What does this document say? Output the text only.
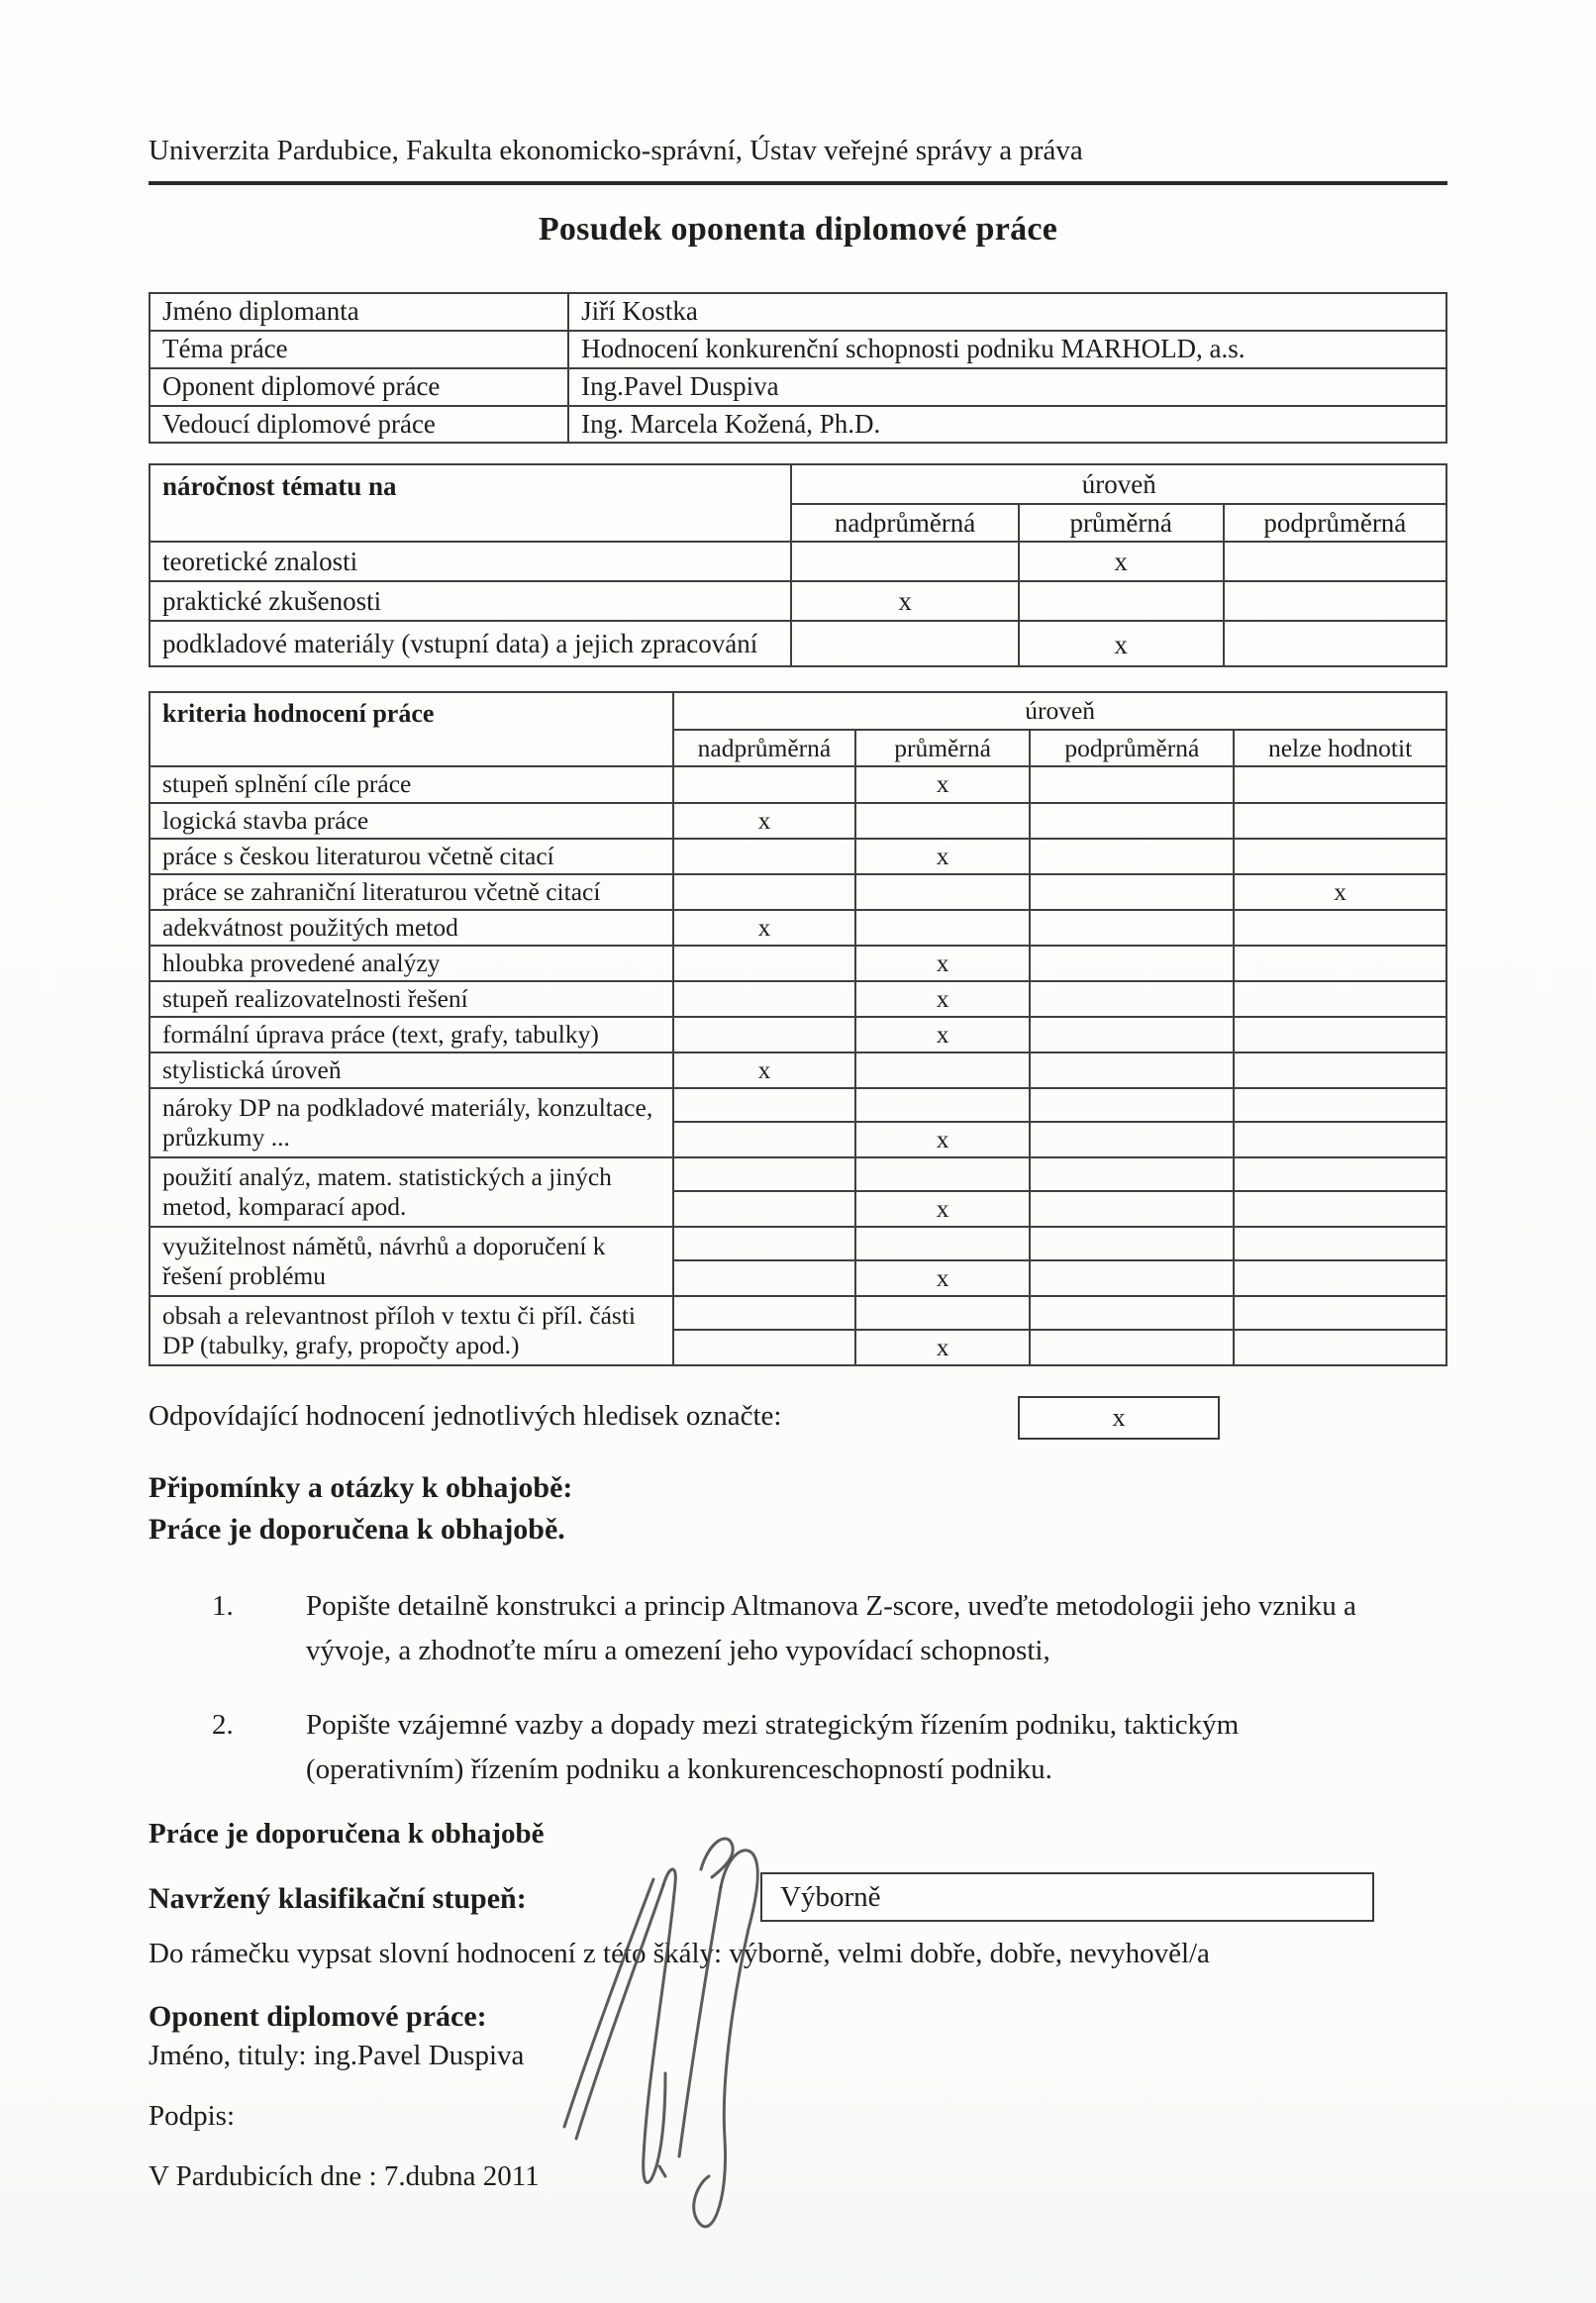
Univerzita Pardubice, Fakulta ekonomicko-správní, Ústav veřejné správy a práva
Posudek oponenta diplomové práce
Jméno diplomanta	Jiří Kostka
Téma práce	Hodnocení konkurenční schopnosti podniku MARHOLD, a.s.
Oponent diplomové práce	Ing.Pavel Duspiva
Vedoucí diplomové práce	Ing. Marcela Kožená, Ph.D.
náročnost tématu na	úroveň		
	nadprůměrná	průměrná	podprůměrná
teoretické znalosti		x	
praktické zkušenosti	x		
podkladové materiály (vstupní data) a jejich zpracování		x	
kriteria hodnocení práce	úroveň			
	nadprůměrná	průměrná	podprůměrná	nelze hodnotit
stupeň splnění cíle práce		x		
logická stavba práce	x			
práce s českou literaturou včetně citací		x		
práce se zahraniční literaturou včetně citací				x
adekvátnost použitých metod	x			
hloubka provedené analýzy		x		
stupeň realizovatelnosti řešení		x		
formální úprava práce (text, grafy, tabulky)		x		
stylistická úroveň	x			
nároky DP na podkladové materiály, konzultace, průzkumy ...				
		x		
použití analýz, matem. statistických a jiných metod, komparací apod.				
		x		
využitelnost námětů, návrhů a doporučení k řešení problému				
		x		
obsah a relevantnost příloh v textu či příl. části DP (tabulky, grafy, propočty apod.)				
		x		
Odpovídající hodnocení jednotlivých hledisek označte:	x
Připomínky a otázky k obhajobě:
Práce je doporučena k obhajobě.
1.	Popište detailně konstrukci a princip Altmanova Z-score, uveďte metodologii jeho vzniku a vývoje, a zhodnoťte míru a omezení jeho vypovídací schopnosti,
2.	Popište vzájemné vazby a dopady mezi strategickým řízením podniku, taktickým (operativním) řízením podniku a konkurenceschopností podniku.
Práce je doporučena k obhajobě
Navržený klasifikační stupeň:	Výborně
Do rámečku vypsat slovní hodnocení z této škály: výborně, velmi dobře, dobře, nevyhověl/a
Oponent diplomové práce:
Jméno, tituly: ing.Pavel Duspiva
Podpis:
V Pardubicích dne : 7.dubna 2011
